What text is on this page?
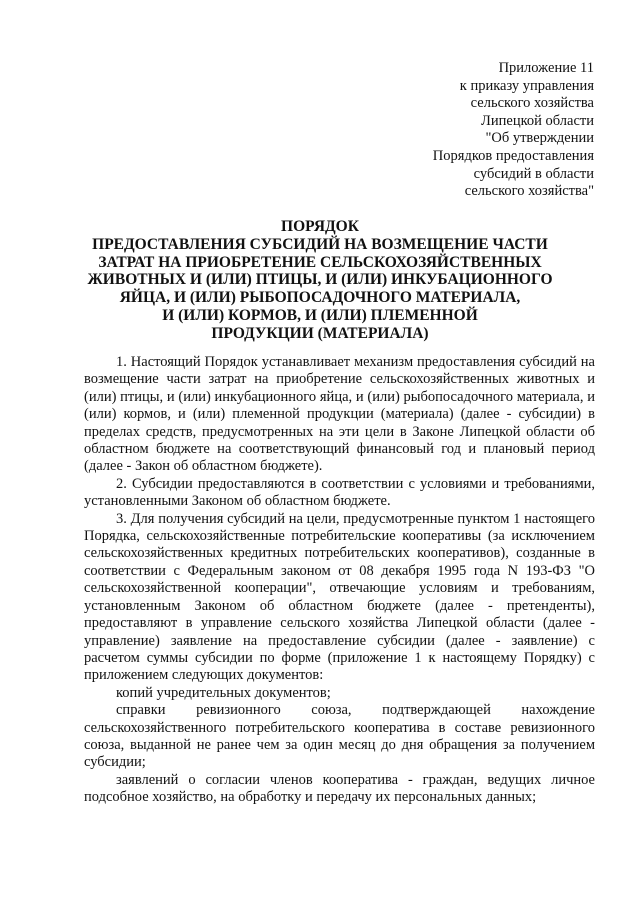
Приложение 11
к приказу управления
сельского хозяйства
Липецкой области
"Об утверждении
Порядков предоставления
субсидий в области
сельского хозяйства"
ПОРЯДОК
ПРЕДОСТАВЛЕНИЯ СУБСИДИЙ НА ВОЗМЕЩЕНИЕ ЧАСТИ
ЗАТРАТ НА ПРИОБРЕТЕНИЕ СЕЛЬСКОХОЗЯЙСТВЕННЫХ
ЖИВОТНЫХ И (ИЛИ) ПТИЦЫ, И (ИЛИ) ИНКУБАЦИОННОГО
ЯЙЦА, И (ИЛИ) РЫБОПОСАДОЧНОГО МАТЕРИАЛА,
И (ИЛИ) КОРМОВ, И (ИЛИ) ПЛЕМЕННОЙ
ПРОДУКЦИИ (МАТЕРИАЛА)

1. Настоящий Порядок устанавливает механизм предоставления субсидий на возмещение части затрат на приобретение сельскохозяйственных животных и (или) птицы, и (или) инкубационного яйца, и (или) рыбопосадочного материала, и (или) кормов, и (или) племенной продукции (материала) (далее - субсидии) в пределах средств, предусмотренных на эти цели в Законе Липецкой области об областном бюджете на соответствующий финансовый год и плановый период (далее - Закон об областном бюджете).

2. Субсидии предоставляются в соответствии с условиями и требованиями, установленными Законом об областном бюджете.

3. Для получения субсидий на цели, предусмотренные пунктом 1 настоящего Порядка, сельскохозяйственные потребительские кооперативы (за исключением сельскохозяйственных кредитных потребительских кооперативов), созданные в соответствии с Федеральным законом от 08 декабря 1995 года N 193-ФЗ "О сельскохозяйственной кооперации", отвечающие условиям и требованиям, установленным Законом об областном бюджете (далее - претенденты), предоставляют в управление сельского хозяйства Липецкой области (далее - управление) заявление на предоставление субсидии (далее - заявление) с расчетом суммы субсидии по форме (приложение 1 к настоящему Порядку) с приложением следующих документов:

копий учредительных документов;

справки ревизионного союза, подтверждающей нахождение сельскохозяйственного потребительского кооператива в составе ревизионного союза, выданной не ранее чем за один месяц до дня обращения за получением субсидии;

заявлений о согласии членов кооператива - граждан, ведущих личное подсобное хозяйство, на обработку и передачу их персональных данных;
